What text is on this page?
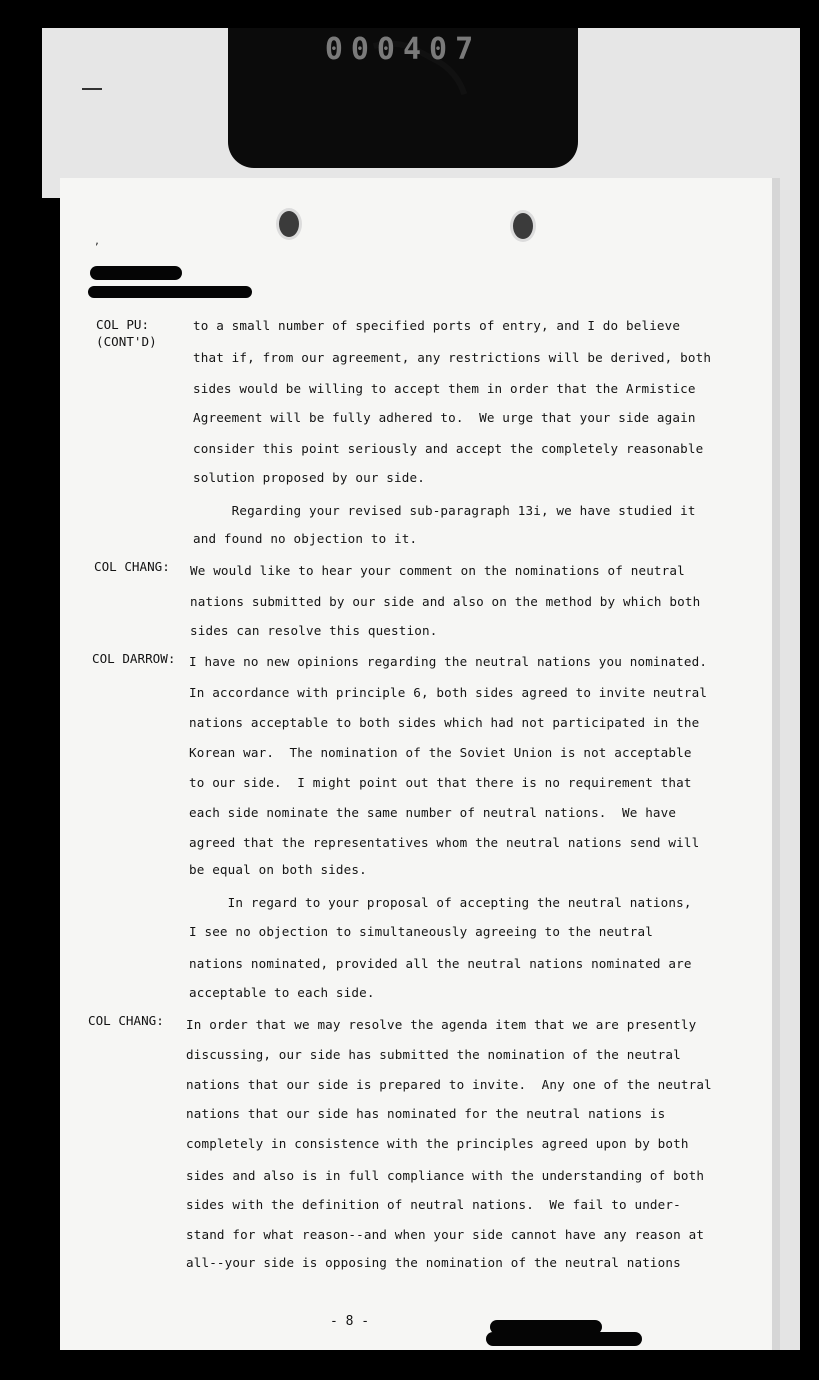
000407
,
COL PU:
(CONT'D)
COL CHANG:
COL DARROW:
COL CHANG:
to a small number of specified ports of entry, and I do believe
that if, from our agreement, any restrictions will be derived, both
sides would be willing to accept them in order that the Armistice
Agreement will be fully adhered to.  We urge that your side again
consider this point seriously and accept the completely reasonable
solution proposed by our side.
Regarding your revised sub-paragraph 13i, we have studied it
and found no objection to it.
We would like to hear your comment on the nominations of neutral
nations submitted by our side and also on the method by which both
sides can resolve this question.
I have no new opinions regarding the neutral nations you nominated.
In accordance with principle 6, both sides agreed to invite neutral
nations acceptable to both sides which had not participated in the
Korean war.  The nomination of the Soviet Union is not acceptable
to our side.  I might point out that there is no requirement that
each side nominate the same number of neutral nations.  We have
agreed that the representatives whom the neutral nations send will
be equal on both sides.
In regard to your proposal of accepting the neutral nations,
I see no objection to simultaneously agreeing to the neutral
nations nominated, provided all the neutral nations nominated are
acceptable to each side.
In order that we may resolve the agenda item that we are presently
discussing, our side has submitted the nomination of the neutral
nations that our side is prepared to invite.  Any one of the neutral
nations that our side has nominated for the neutral nations is
completely in consistence with the principles agreed upon by both
sides and also is in full compliance with the understanding of both
sides with the definition of neutral nations.  We fail to under-
stand for what reason--and when your side cannot have any reason at
all--your side is opposing the nomination of the neutral nations
- 8 -
